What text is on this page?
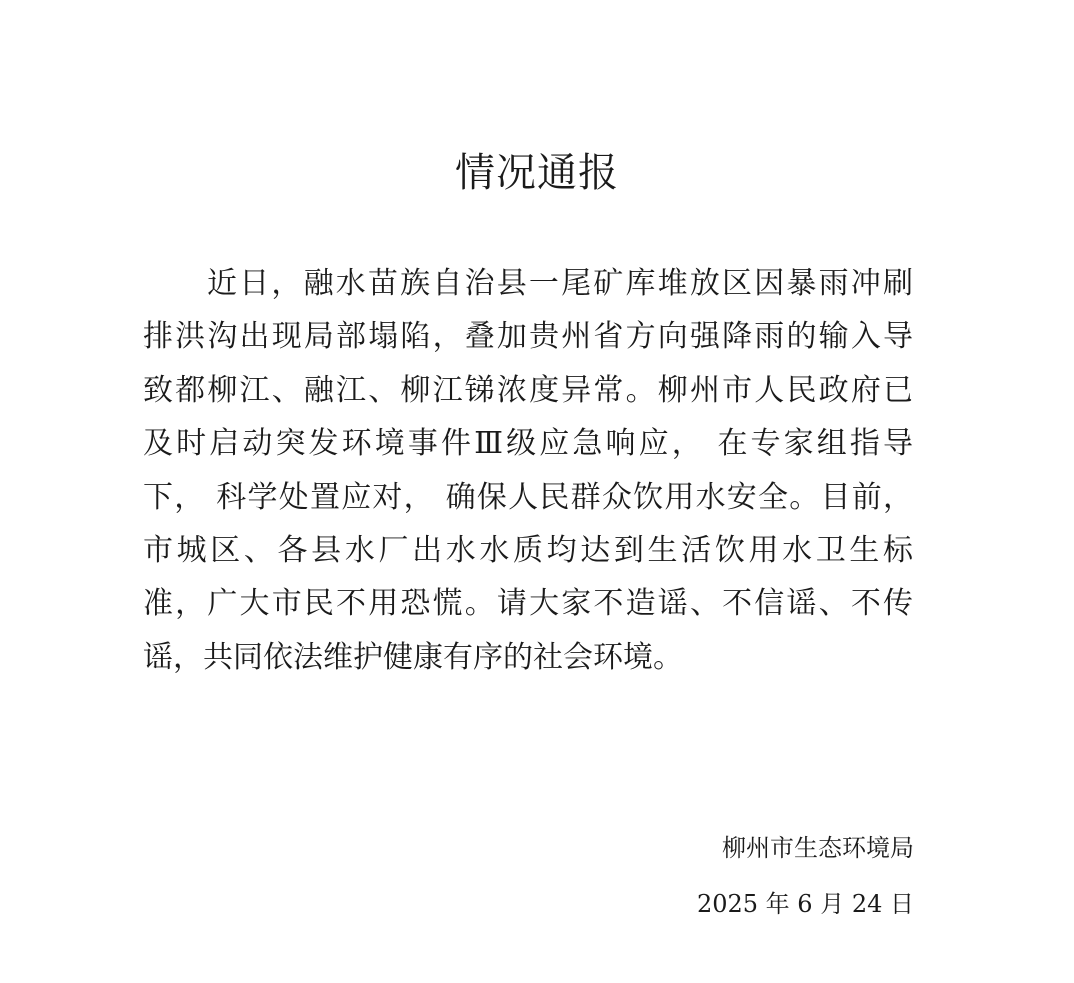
情况通报
近日，融水苗族自治县一尾矿库堆放区因暴雨冲刷
排洪沟出现局部塌陷，叠加贵州省方向强降雨的输入导
致都柳江、融江、柳江锑浓度异常。柳州市人民政府已
及时启动突发环境事件Ⅲ级应急响应， 在专家组指导
下， 科学处置应对， 确保人民群众饮用水安全。目前，
市城区、各县水厂出水水质均达到生活饮用水卫生标
准，广大市民不用恐慌。请大家不造谣、不信谣、不传
谣，共同依法维护健康有序的社会环境。
柳州市生态环境局
2025 年 6 月 24 日
